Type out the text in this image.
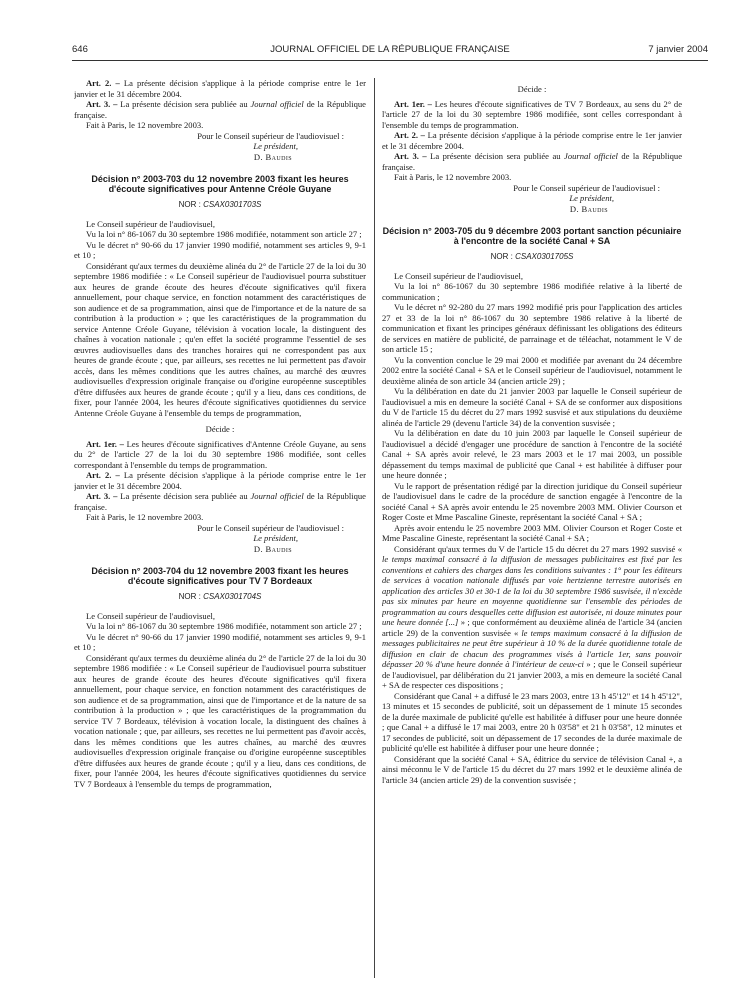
646	JOURNAL OFFICIEL DE LA RÉPUBLIQUE FRANÇAISE	7 janvier 2004

Art. 2. – La présente décision s'applique à la période comprise entre le 1er janvier et le 31 décembre 2004.

Art. 3. – La présente décision sera publiée au Journal officiel de la République française.

Fait à Paris, le 12 novembre 2003.

Pour le Conseil supérieur de l'audiovisuel :
Le président,
D. Baudis
Décision n° 2003-703 du 12 novembre 2003 fixant les heures d'écoute significatives pour Antenne Créole Guyane
NOR : CSAX0301703S

Le Conseil supérieur de l'audiovisuel,

Vu la loi n° 86-1067 du 30 septembre 1986 modifiée, notamment son article 27 ;

Vu le décret n° 90-66 du 17 janvier 1990 modifié, notamment ses articles 9, 9-1 et 10 ;

Considérant qu'aux termes du deuxième alinéa du 2° de l'article 27 de la loi du 30 septembre 1986 modifiée : « Le Conseil supérieur de l'audiovisuel pourra substituer aux heures de grande écoute des heures d'écoute significatives qu'il fixera annuellement, pour chaque service, en fonction notamment des caractéristiques de son audience et de sa programmation, ainsi que de l'importance et de la nature de sa contribution à la production » ; que les caractéristiques de la programmation du service Antenne Créole Guyane, télévision à vocation locale, la distinguent des chaînes à vocation nationale ; qu'en effet la société programme l'essentiel de ses œuvres audiovisuelles dans des tranches horaires qui ne correspondent pas aux heures de grande écoute ; que, par ailleurs, ses recettes ne lui permettent pas d'avoir accès, dans les mêmes conditions que les autres chaînes, au marché des œuvres audiovisuelles d'expression originale française ou d'origine européenne susceptibles d'être diffusées aux heures de grande écoute ; qu'il y a lieu, dans ces conditions, de fixer, pour l'année 2004, les heures d'écoute significatives quotidiennes du service Antenne Créole Guyane à l'ensemble du temps de programmation,

Décide :

Art. 1er. – Les heures d'écoute significatives d'Antenne Créole Guyane, au sens du 2° de l'article 27 de la loi du 30 septembre 1986 modifiée, sont celles correspondant à l'ensemble du temps de programmation.

Art. 2. – La présente décision s'applique à la période comprise entre le 1er janvier et le 31 décembre 2004.

Art. 3. – La présente décision sera publiée au Journal officiel de la République française.

Fait à Paris, le 12 novembre 2003.

Pour le Conseil supérieur de l'audiovisuel :
Le président,
D. Baudis
Décision n° 2003-704 du 12 novembre 2003 fixant les heures d'écoute significatives pour TV 7 Bordeaux
NOR : CSAX0301704S

Le Conseil supérieur de l'audiovisuel,

Vu la loi n° 86-1067 du 30 septembre 1986 modifiée, notamment son article 27 ;

Vu le décret n° 90-66 du 17 janvier 1990 modifié, notamment ses articles 9, 9-1 et 10 ;

Considérant qu'aux termes du deuxième alinéa du 2° de l'article 27 de la loi du 30 septembre 1986 modifiée : « Le Conseil supérieur de l'audiovisuel pourra substituer aux heures de grande écoute des heures d'écoute significatives qu'il fixera annuellement, pour chaque service, en fonction notamment des caractéristiques de son audience et de sa programmation, ainsi que de l'importance et de la nature de sa contribution à la production » ; que les caractéristiques de la programmation du service TV 7 Bordeaux, télévision à vocation locale, la distinguent des chaînes à vocation nationale ; que, par ailleurs, ses recettes ne lui permettent pas d'avoir accès, dans les mêmes conditions que les autres chaînes, au marché des œuvres audiovisuelles d'expression originale française ou d'origine européenne susceptibles d'être diffusées aux heures de grande écoute ; qu'il y a lieu, dans ces conditions, de fixer, pour l'année 2004, les heures d'écoute significatives quotidiennes du service TV 7 Bordeaux à l'ensemble du temps de programmation,

Décide :

Art. 1er. – Les heures d'écoute significatives de TV 7 Bordeaux, au sens du 2° de l'article 27 de la loi du 30 septembre 1986 modifiée, sont celles correspondant à l'ensemble du temps de programmation.

Art. 2. – La présente décision s'applique à la période comprise entre le 1er janvier et le 31 décembre 2004.

Art. 3. – La présente décision sera publiée au Journal officiel de la République française.

Fait à Paris, le 12 novembre 2003.

Pour le Conseil supérieur de l'audiovisuel :
Le président,
D. Baudis
Décision n° 2003-705 du 9 décembre 2003 portant sanction pécuniaire à l'encontre de la société Canal + SA
NOR : CSAX0301705S

Le Conseil supérieur de l'audiovisuel,

Vu la loi n° 86-1067 du 30 septembre 1986 modifiée relative à la liberté de communication ;

Vu le décret n° 92-280 du 27 mars 1992 modifié pris pour l'application des articles 27 et 33 de la loi n° 86-1067 du 30 septembre 1986 relative à la liberté de communication et fixant les principes généraux définissant les obligations des éditeurs de services en matière de publicité, de parrainage et de téléachat, notamment le V de son article 15 ;

Vu la convention conclue le 29 mai 2000 et modifiée par avenant du 24 décembre 2002 entre la société Canal + SA et le Conseil supérieur de l'audiovisuel, notamment le deuxième alinéa de son article 34 (ancien article 29) ;

Vu la délibération en date du 21 janvier 2003 par laquelle le Conseil supérieur de l'audiovisuel a mis en demeure la société Canal + SA de se conformer aux dispositions du V de l'article 15 du décret du 27 mars 1992 susvisé et aux stipulations du deuxième alinéa de l'article 29 (devenu l'article 34) de la convention susvisée ;

Vu la délibération en date du 10 juin 2003 par laquelle le Conseil supérieur de l'audiovisuel a décidé d'engager une procédure de sanction à l'encontre de la société Canal + SA après avoir relevé, le 23 mars 2003 et le 17 mai 2003, un possible dépassement du temps maximal de publicité que Canal + est habilitée à diffuser pour une heure donnée ;

Vu le rapport de présentation rédigé par la direction juridique du Conseil supérieur de l'audiovisuel dans le cadre de la procédure de sanction engagée à l'encontre de la société Canal + SA après avoir entendu le 25 novembre 2003 MM. Olivier Courson et Roger Coste et Mme Pascaline Gineste, représentant la société Canal + SA ;

Après avoir entendu le 25 novembre 2003 MM. Olivier Courson et Roger Coste et Mme Pascaline Gineste, représentant la société Canal + SA ;

Considérant qu'aux termes du V de l'article 15 du décret du 27 mars 1992 susvisé « le temps maximal consacré à la diffusion de messages publicitaires est fixé par les conventions et cahiers des charges dans les conditions suivantes : 1° pour les éditeurs de services à vocation nationale diffusés par voie hertzienne terrestre autorisés en application des articles 30 et 30-1 de la loi du 30 septembre 1986 susvisée, il n'excède pas six minutes par heure en moyenne quotidienne sur l'ensemble des périodes de programmation au cours desquelles cette diffusion est autorisée, ni douze minutes pour une heure donnée [...] » ; que conformément au deuxième alinéa de l'article 34 (ancien article 29) de la convention susvisée « le temps maximum consacré à la diffusion de messages publicitaires ne peut être supérieur à 10 % de la durée quotidienne totale de diffusion en clair de chacun des programmes visés à l'article 1er, sans pouvoir dépasser 20 % d'une heure donnée à l'intérieur de ceux-ci » ; que le Conseil supérieur de l'audiovisuel, par délibération du 21 janvier 2003, a mis en demeure la société Canal + SA de respecter ces dispositions ;

Considérant que Canal + a diffusé le 23 mars 2003, entre 13 h 45'12" et 14 h 45'12", 13 minutes et 15 secondes de publicité, soit un dépassement de 1 minute 15 secondes de la durée maximale de publicité qu'elle est habilitée à diffuser pour une heure donnée ; que Canal + a diffusé le 17 mai 2003, entre 20 h 03'58" et 21 h 03'58", 12 minutes et 17 secondes de publicité, soit un dépassement de 17 secondes de la durée maximale de publicité qu'elle est habilitée à diffuser pour une heure donnée ;

Considérant que la société Canal + SA, éditrice du service de télévision Canal +, a ainsi méconnu le V de l'article 15 du décret du 27 mars 1992 et le deuxième alinéa de l'article 34 (ancien article 29) de la convention susvisée ;
